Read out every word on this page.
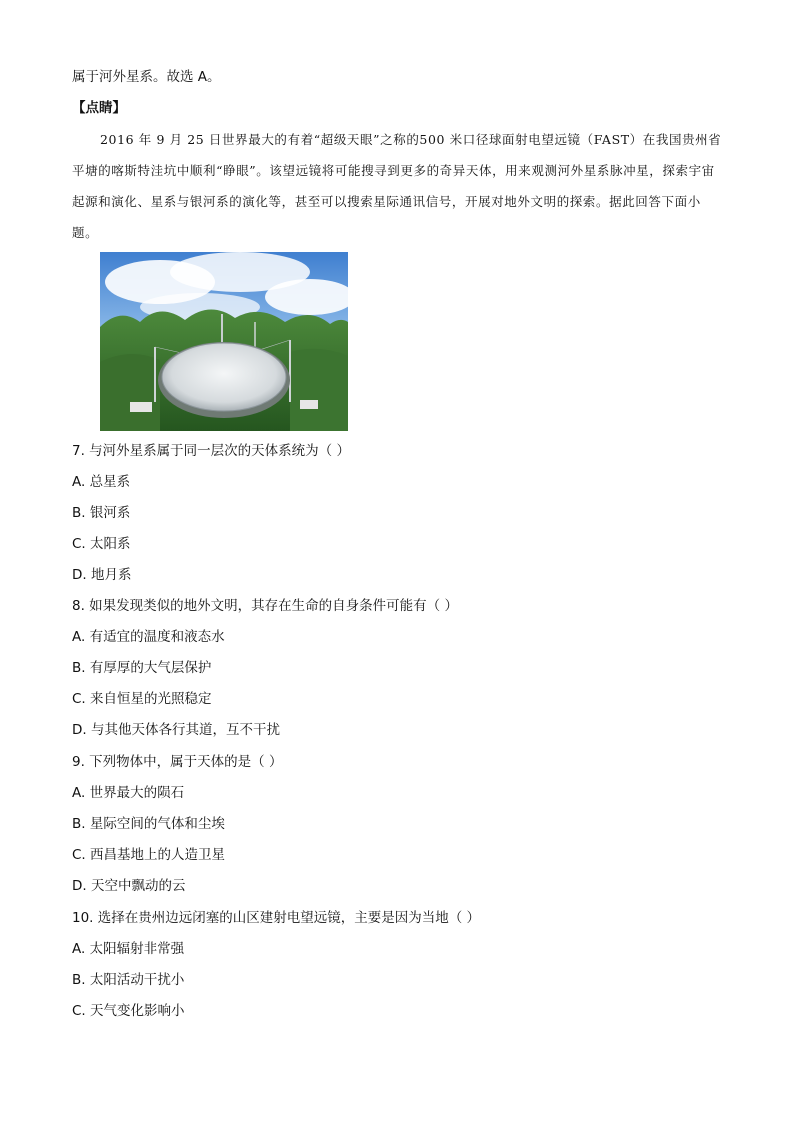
属于河外星系。故选 A。
【点睛】
2016 年 9 月 25 日世界最大的有着“超级天眼”之称的500 米口径球面射电望远镜（FAST）在我国贵州省平塘的喀斯特洼坑中顺利“睁眼”。该望远镜将可能搜寻到更多的奇异天体，用来观测河外星系脉冲星，探索宇宙起源和演化、星系与银河系的演化等，甚至可以搜索星际通讯信号，开展对地外文明的探索。据此回答下面小题。
7. 与河外星系属于同一层次的天体系统为（ ）
A. 总星系
B. 银河系
C. 太阳系
D. 地月系
8. 如果发现类似的地外文明，其存在生命的自身条件可能有（ ）
A. 有适宜的温度和液态水
B. 有厚厚的大气层保护
C. 来自恒星的光照稳定
D. 与其他天体各行其道，互不干扰
9. 下列物体中，属于天体的是（ ）
A. 世界最大的陨石
B. 星际空间的气体和尘埃
C. 西昌基地上的人造卫星
D. 天空中飘动的云
10. 选择在贵州边远闭塞的山区建射电望远镜，主要是因为当地（ ）
A. 太阳辐射非常强
B. 太阳活动干扰小
C. 天气变化影响小
